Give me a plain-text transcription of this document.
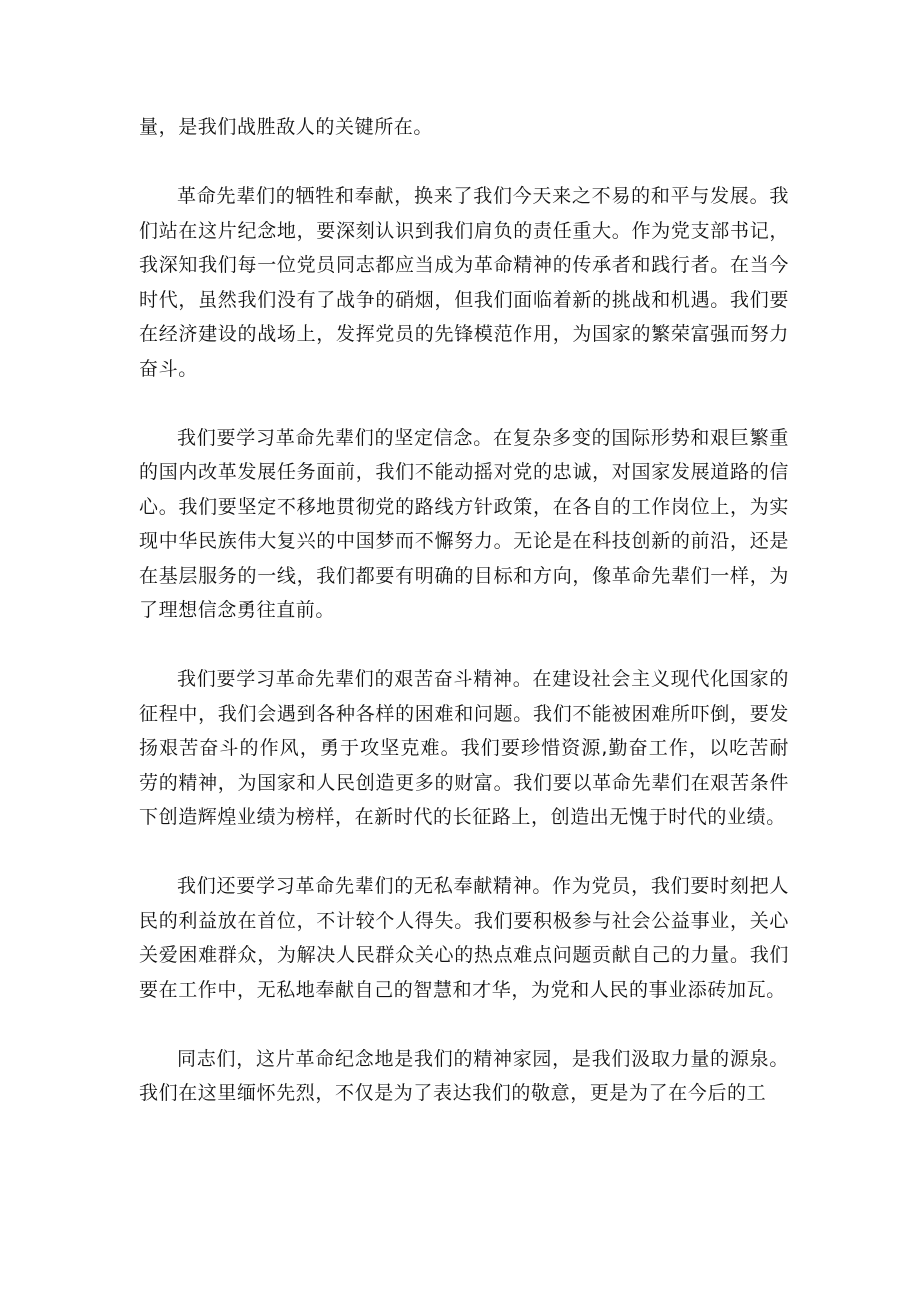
量，是我们战胜敌人的关键所在。

革命先辈们的牺牲和奉献，换来了我们今天来之不易的和平与发展。我们站在这片纪念地，要深刻认识到我们肩负的责任重大。作为党支部书记，我深知我们每一位党员同志都应当成为革命精神的传承者和践行者。在当今时代，虽然我们没有了战争的硝烟，但我们面临着新的挑战和机遇。我们要在经济建设的战场上，发挥党员的先锋模范作用，为国家的繁荣富强而努力奋斗。

我们要学习革命先辈们的坚定信念。在复杂多变的国际形势和艰巨繁重的国内改革发展任务面前，我们不能动摇对党的忠诚，对国家发展道路的信心。我们要坚定不移地贯彻党的路线方针政策，在各自的工作岗位上，为实现中华民族伟大复兴的中国梦而不懈努力。无论是在科技创新的前沿，还是在基层服务的一线，我们都要有明确的目标和方向，像革命先辈们一样，为了理想信念勇往直前。

我们要学习革命先辈们的艰苦奋斗精神。在建设社会主义现代化国家的征程中，我们会遇到各种各样的困难和问题。我们不能被困难所吓倒，要发扬艰苦奋斗的作风，勇于攻坚克难。我们要珍惜资源,勤奋工作，以吃苦耐劳的精神，为国家和人民创造更多的财富。我们要以革命先辈们在艰苦条件下创造辉煌业绩为榜样，在新时代的长征路上，创造出无愧于时代的业绩。

我们还要学习革命先辈们的无私奉献精神。作为党员，我们要时刻把人民的利益放在首位，不计较个人得失。我们要积极参与社会公益事业，关心关爱困难群众，为解决人民群众关心的热点难点问题贡献自己的力量。我们要在工作中，无私地奉献自己的智慧和才华，为党和人民的事业添砖加瓦。

同志们，这片革命纪念地是我们的精神家园，是我们汲取力量的源泉。我们在这里缅怀先烈，不仅是为了表达我们的敬意，更是为了在今后的工
